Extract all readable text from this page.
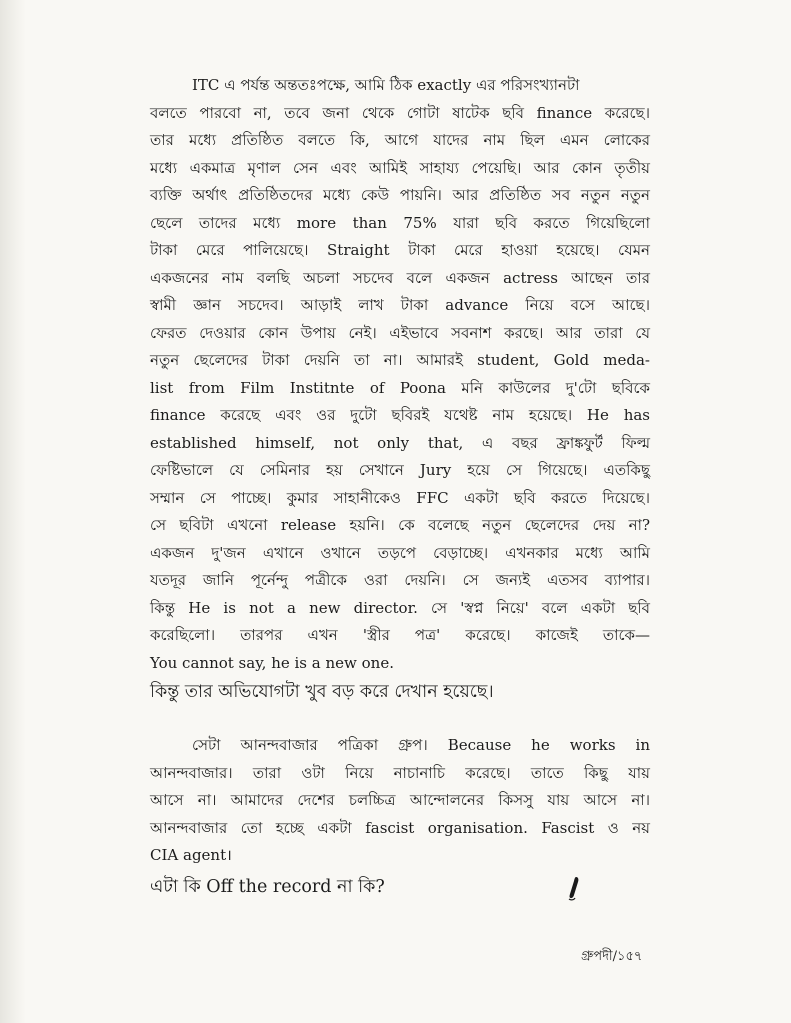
ITC এ পর্যন্ত অন্ততঃপক্ষে, আমি ঠিক exactly এর পরিসংখ্যানটা
বলতে পারবো না, তবে জনা থেকে গোটা ষাটেক ছবি finance করেছে।
তার মধ্যে প্রতিষ্ঠিত বলতে কি, আগে যাদের নাম ছিল এমন লোকের
মধ্যে একমাত্র মৃণাল সেন এবং আমিই সাহায্য পেয়েছি। আর কোন তৃতীয়
ব্যক্তি অর্থাৎ প্রতিষ্ঠিতদের মধ্যে কেউ পায়নি। আর প্রতিষ্ঠিত সব নতুন নতুন
ছেলে তাদের মধ্যে more than 75% যারা ছবি করতে গিয়েছিলো
টাকা মেরে পালিয়েছে। Straight টাকা মেরে হাওয়া হয়েছে। যেমন
একজনের নাম বলছি অচলা সচদেব বলে একজন actress আছেন তার
স্বামী জ্ঞান সচদেব। আড়াই লাখ টাকা advance নিয়ে বসে আছে।
ফেরত দেওয়ার কোন উপায় নেই। এইভাবে সবনাশ করছে। আর তারা যে
নতুন ছেলেদের টাকা দেয়নি তা না। আমারই student, Gold meda-
list from Film Institnte of Poona মনি কাউলের দু'টো ছবিকে
finance করেছে এবং ওর দুটো ছবিরই যথেষ্ট নাম হয়েছে। He has
established himself, not only that, এ বছর ফ্রাঙ্কফুর্ট ফিল্ম
ফেষ্টিভালে যে সেমিনার হয় সেখানে Jury হয়ে সে গিয়েছে। এতকিছু
সম্মান সে পাচ্ছে। কুমার সাহানীকেও FFC একটা ছবি করতে দিয়েছে।
সে ছবিটা এখনো release হয়নি। কে বলেছে নতুন ছেলেদের দেয় না?
একজন দু'জন এখানে ওখানে তড়পে বেড়াচ্ছে। এখনকার মধ্যে আমি
যতদূর জানি পূর্নেন্দু পত্রীকে ওরা দেয়নি। সে জন্যই এতসব ব্যাপার।
কিন্তু He is not a new director. সে 'স্বপ্ন নিয়ে' বলে একটা ছবি
করেছিলো। তারপর এখন 'স্ত্রীর পত্র' করেছে। কাজেই তাকে—
You cannot say, he is a new one.

কিন্তু তার অভিযোগটা খুব বড় করে দেখান হয়েছে।

সেটা আনন্দবাজার পত্রিকা গ্রুপ। Because he works in
আনন্দবাজার। তারা ওটা নিয়ে নাচানাচি করেছে। তাতে কিছু যায়
আসে না। আমাদের দেশের চলচ্চিত্র আন্দোলনের কিসসু যায় আসে না।
আনন্দবাজার তো হচ্ছে একটা fascist organisation. Fascist ও নয়
CIA agent।

এটা কি Off the record না কি?

গ্রুপদী/১৫৭
